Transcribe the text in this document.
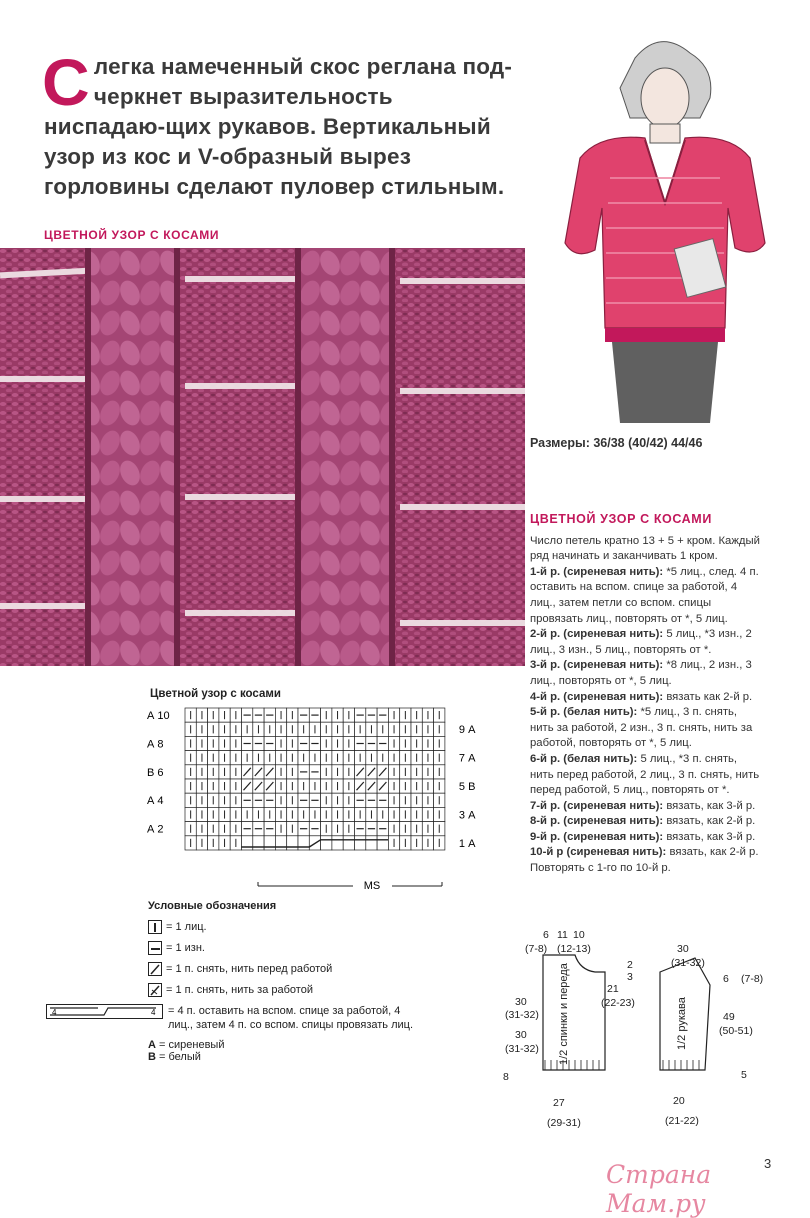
Слегка намеченный скос реглана под-черкнет выразительность ниспадаю-щих рукавов. Вертикальный узор из кос и V-образный вырез горловины сделают пуловер стильным.
ЦВЕТНОЙ УЗОР С КОСАМИ
Размеры: 36/38 (40/42) 44/46
ЦВЕТНОЙ УЗОР С КОСАМИ

Число петель кратно 13 + 5 + кром. Каждый ряд начинать и заканчивать 1 кром.

1-й р. (сиреневая нить): *5 лиц., след. 4 п. оставить на вспом. спице за работой, 4 лиц., затем петли со вспом. спицы провязать лиц., повторять от *, 5 лиц.

2-й р. (сиреневая нить): 5 лиц., *3 изн., 2 лиц., 3 изн., 5 лиц., повторять от *.

3-й р. (сиреневая нить): *8 лиц., 2 изн., 3 лиц., повторять от *, 5 лиц.

4-й р. (сиреневая нить): вязать как 2-й р.

5-й р. (белая нить): *5 лиц., 3 п. снять, нить за работой, 2 изн., 3 п. снять, нить за работой, повторять от *, 5 лиц.

6-й р. (белая нить): 5 лиц., *3 п. снять, нить перед работой, 2 лиц., 3 п. снять, нить перед работой, 5 лиц., повторять от *.

7-й р. (сиреневая нить): вязать, как 3-й р.

8-й р. (сиреневая нить): вязать, как 2-й р.

9-й р. (сиреневая нить): вязать, как 3-й р.

10-й р (сиреневая нить): вязать, как 2-й р.

Повторять с 1-го по 10-й р.

Цветной узор с косами
А 10
А 8
В 6
А 4
А 2
9 А
7 А
5 В
3 А
1 А
MS
Условные обозначения
= 1 лиц.
= 1 изн.
= 1 п. снять, нить перед работой
= 1 п. снять, нить за работой
4	4 = 4 п. оставить на вспом. спице за работой, 4 лиц., затем 4 п. со вспом. спицы провязать лиц.
А = сиреневый
В = белый	1/2 спинки и переда	1/2 рукава
6 11 10
(7-8) (12-13)
2
3
30
(31-32)
21
(22-23)
30
(31-32)
8
27
(29-31)
30
(31-32)
6 (7-8)
49
(50-51)
5
20
(21-22)
3
Страна Мам.ру
